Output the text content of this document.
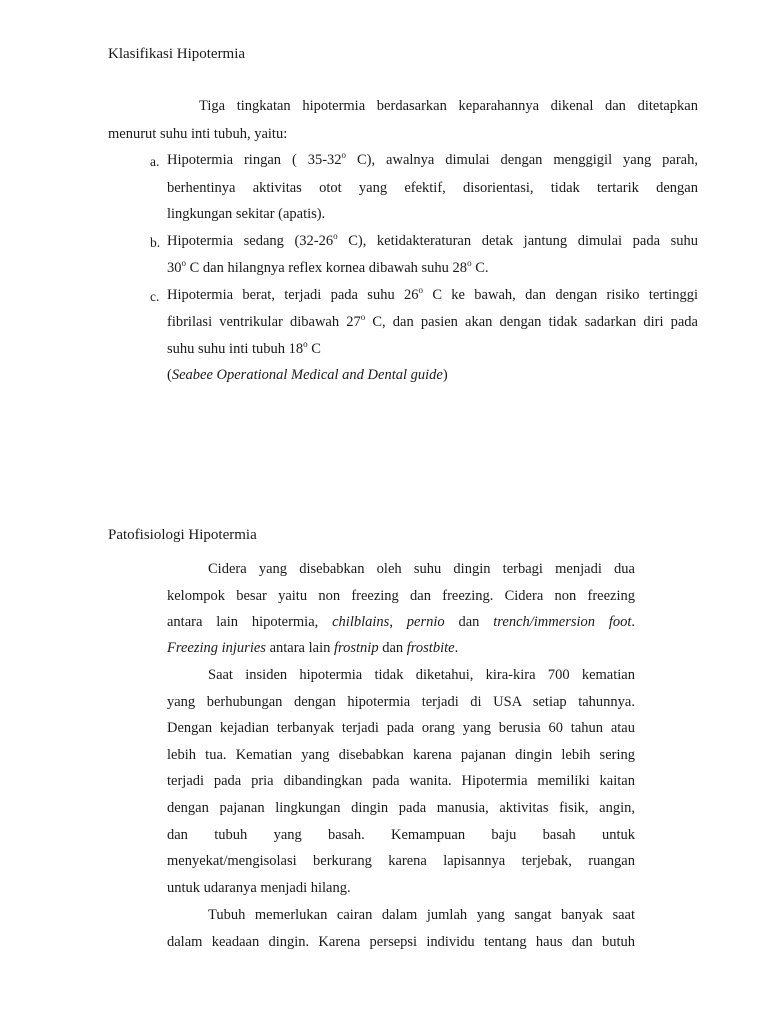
Klasifikasi Hipotermia
Tiga tingkatan hipotermia berdasarkan keparahannya dikenal dan ditetapkan
menurut suhu inti tubuh, yaitu:
a. Hipotermia ringan ( 35-32$^o$ C), awalnya dimulai dengan menggigil yang parah,
berhentinya aktivitas otot yang efektif, disorientasi, tidak tertarik dengan
lingkungan sekitar (apatis).
b. Hipotermia sedang (32-26$^o$ C), ketidakteraturan detak jantung dimulai pada suhu
30$^o$ C dan hilangnya reflex kornea dibawah suhu 28$^o$ C.
c. Hipotermia berat, terjadi pada suhu 26$^o$ C ke bawah, dan dengan risiko tertinggi
fibrilasi ventrikular dibawah 27$^o$ C, dan pasien akan dengan tidak sadarkan diri pada
suhu suhu inti tubuh 18$^o$ C
(Seabee Operational Medical and Dental guide)
Patofisiologi Hipotermia
Cidera yang disebabkan oleh suhu dingin terbagi menjadi dua
kelompok besar yaitu non freezing dan freezing. Cidera non freezing
antara lain hipotermia, chilblains, pernio dan trench/immersion foot.
Freezing injuries antara lain frostnip dan frostbite.
Saat insiden hipotermia tidak diketahui, kira-kira 700 kematian
yang berhubungan dengan hipotermia terjadi di USA setiap tahunnya.
Dengan kejadian terbanyak terjadi pada orang yang berusia 60 tahun atau
lebih tua. Kematian yang disebabkan karena pajanan dingin lebih sering
terjadi pada pria dibandingkan pada wanita. Hipotermia memiliki kaitan
dengan pajanan lingkungan dingin pada manusia, aktivitas fisik, angin,
dan tubuh yang basah. Kemampuan baju basah untuk
menyekat/mengisolasi berkurang karena lapisannya terjebak, ruangan
untuk udaranya menjadi hilang.
Tubuh memerlukan cairan dalam jumlah yang sangat banyak saat
dalam keadaan dingin. Karena persepsi individu tentang haus dan butuh
